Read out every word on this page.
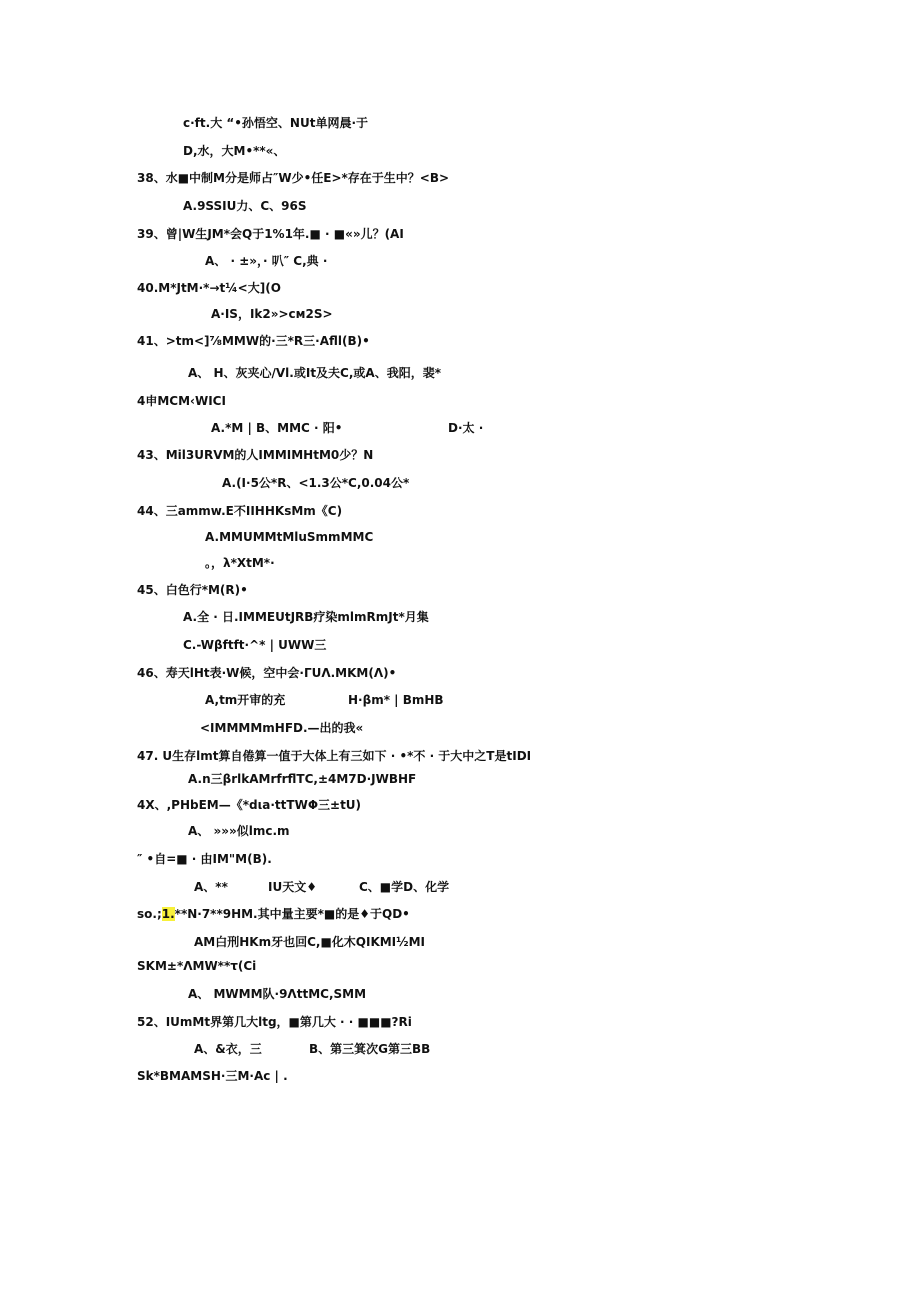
c·ft.大 “•孙悟空、NUt单网晨·于
D,水，大M•**«、
38、水■中制M分是师占″W少•任E>*存在于生中？<B>
A.9SSIU力、C、96S
39、曾|W生JM*会Q于1%1年.■ · ■«»儿？(AI
A、 · ±»，· 叭″ C,典 ·
40.M*JtM·*→t¼<大](O
A·IS，Ik2»>cм2S>
41、>tm<]⅞MMW的·三*R三·Afll(B)•
A、 H、灰夹心/Vl.或It及夫C,或A、我阳，裴*
4申MCM‹WICI
A.*M | B、MMC · 阳•	D·太 ·
43、Mil3URVM的人IMMIMHtM0少？N
A.(I·5公*R、<1.3公*C,0.04公*
44、三ammw.E不IIHHKsMm《C)
A.MMUMMtMluSmmMMC
。，λ*XtM*·
45、白色行*M(R)•
A.全 · 日.IMMEUtJRB疗染mlmRmJt*月集
C.-Wβftft·^* | UWW三
46、寿天lHt表·W候，空中会·ΓUΛ.MKM(Λ)•
A,tm开审的充	H·βm* | BmHB
<IMMMMmHFD.—出的我«
47. U生存lmt算自倦算一值于大体上有三如下 · •*不 · 于大中之T是tIDI
A.n三βrlkAMrfrflTC,±4M7D·JWBHF
4X、,PHbEM—《*dιa·ttTWΦ三±tU)
A、 »»»似lmc.m
″ •自=■ · 由IM"M(B).
A、**	IU天文♦	C、■学D、化学
so.;1.**N·7**9HM.其中量主要*■的是♦于QD•
AM白刑HKm牙也回C,■化木QIKMI½MI
SKM±*ΛMW**τ(Ci
A、 MWMM队·9ΛttMC,SMM
52、IUmMt界第几大ltg，■第几大 · · ■■■?Ri
A、&衣，三	B、第三箕次G第三BB
Sk*BMAMSH·三M·Ac | .
